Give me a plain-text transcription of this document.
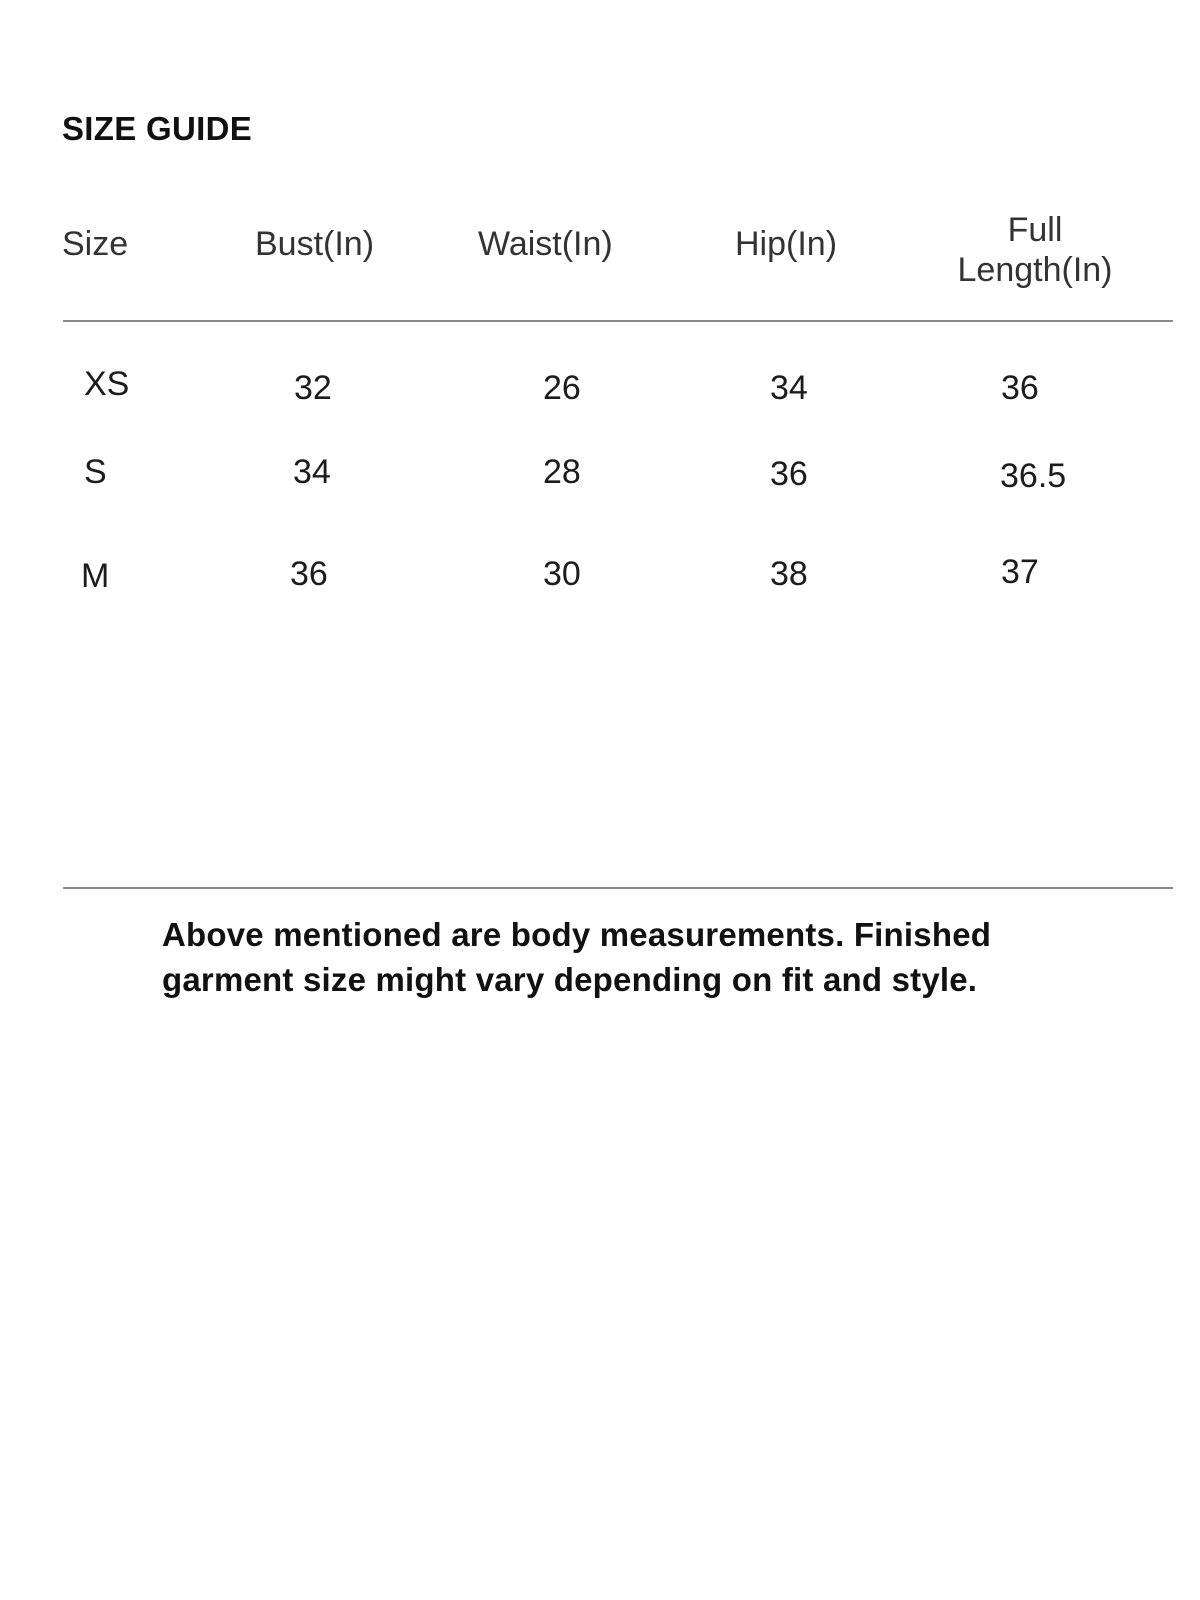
SIZE GUIDE
Size	Bust(In)	Waist(In)	Hip(In)	Full
Length(In)
XS	32	26	34	36
S	34	28	36	36.5
M	36	30	38	37
Above mentioned are body measurements. Finished garment size might vary depending on fit and style.
